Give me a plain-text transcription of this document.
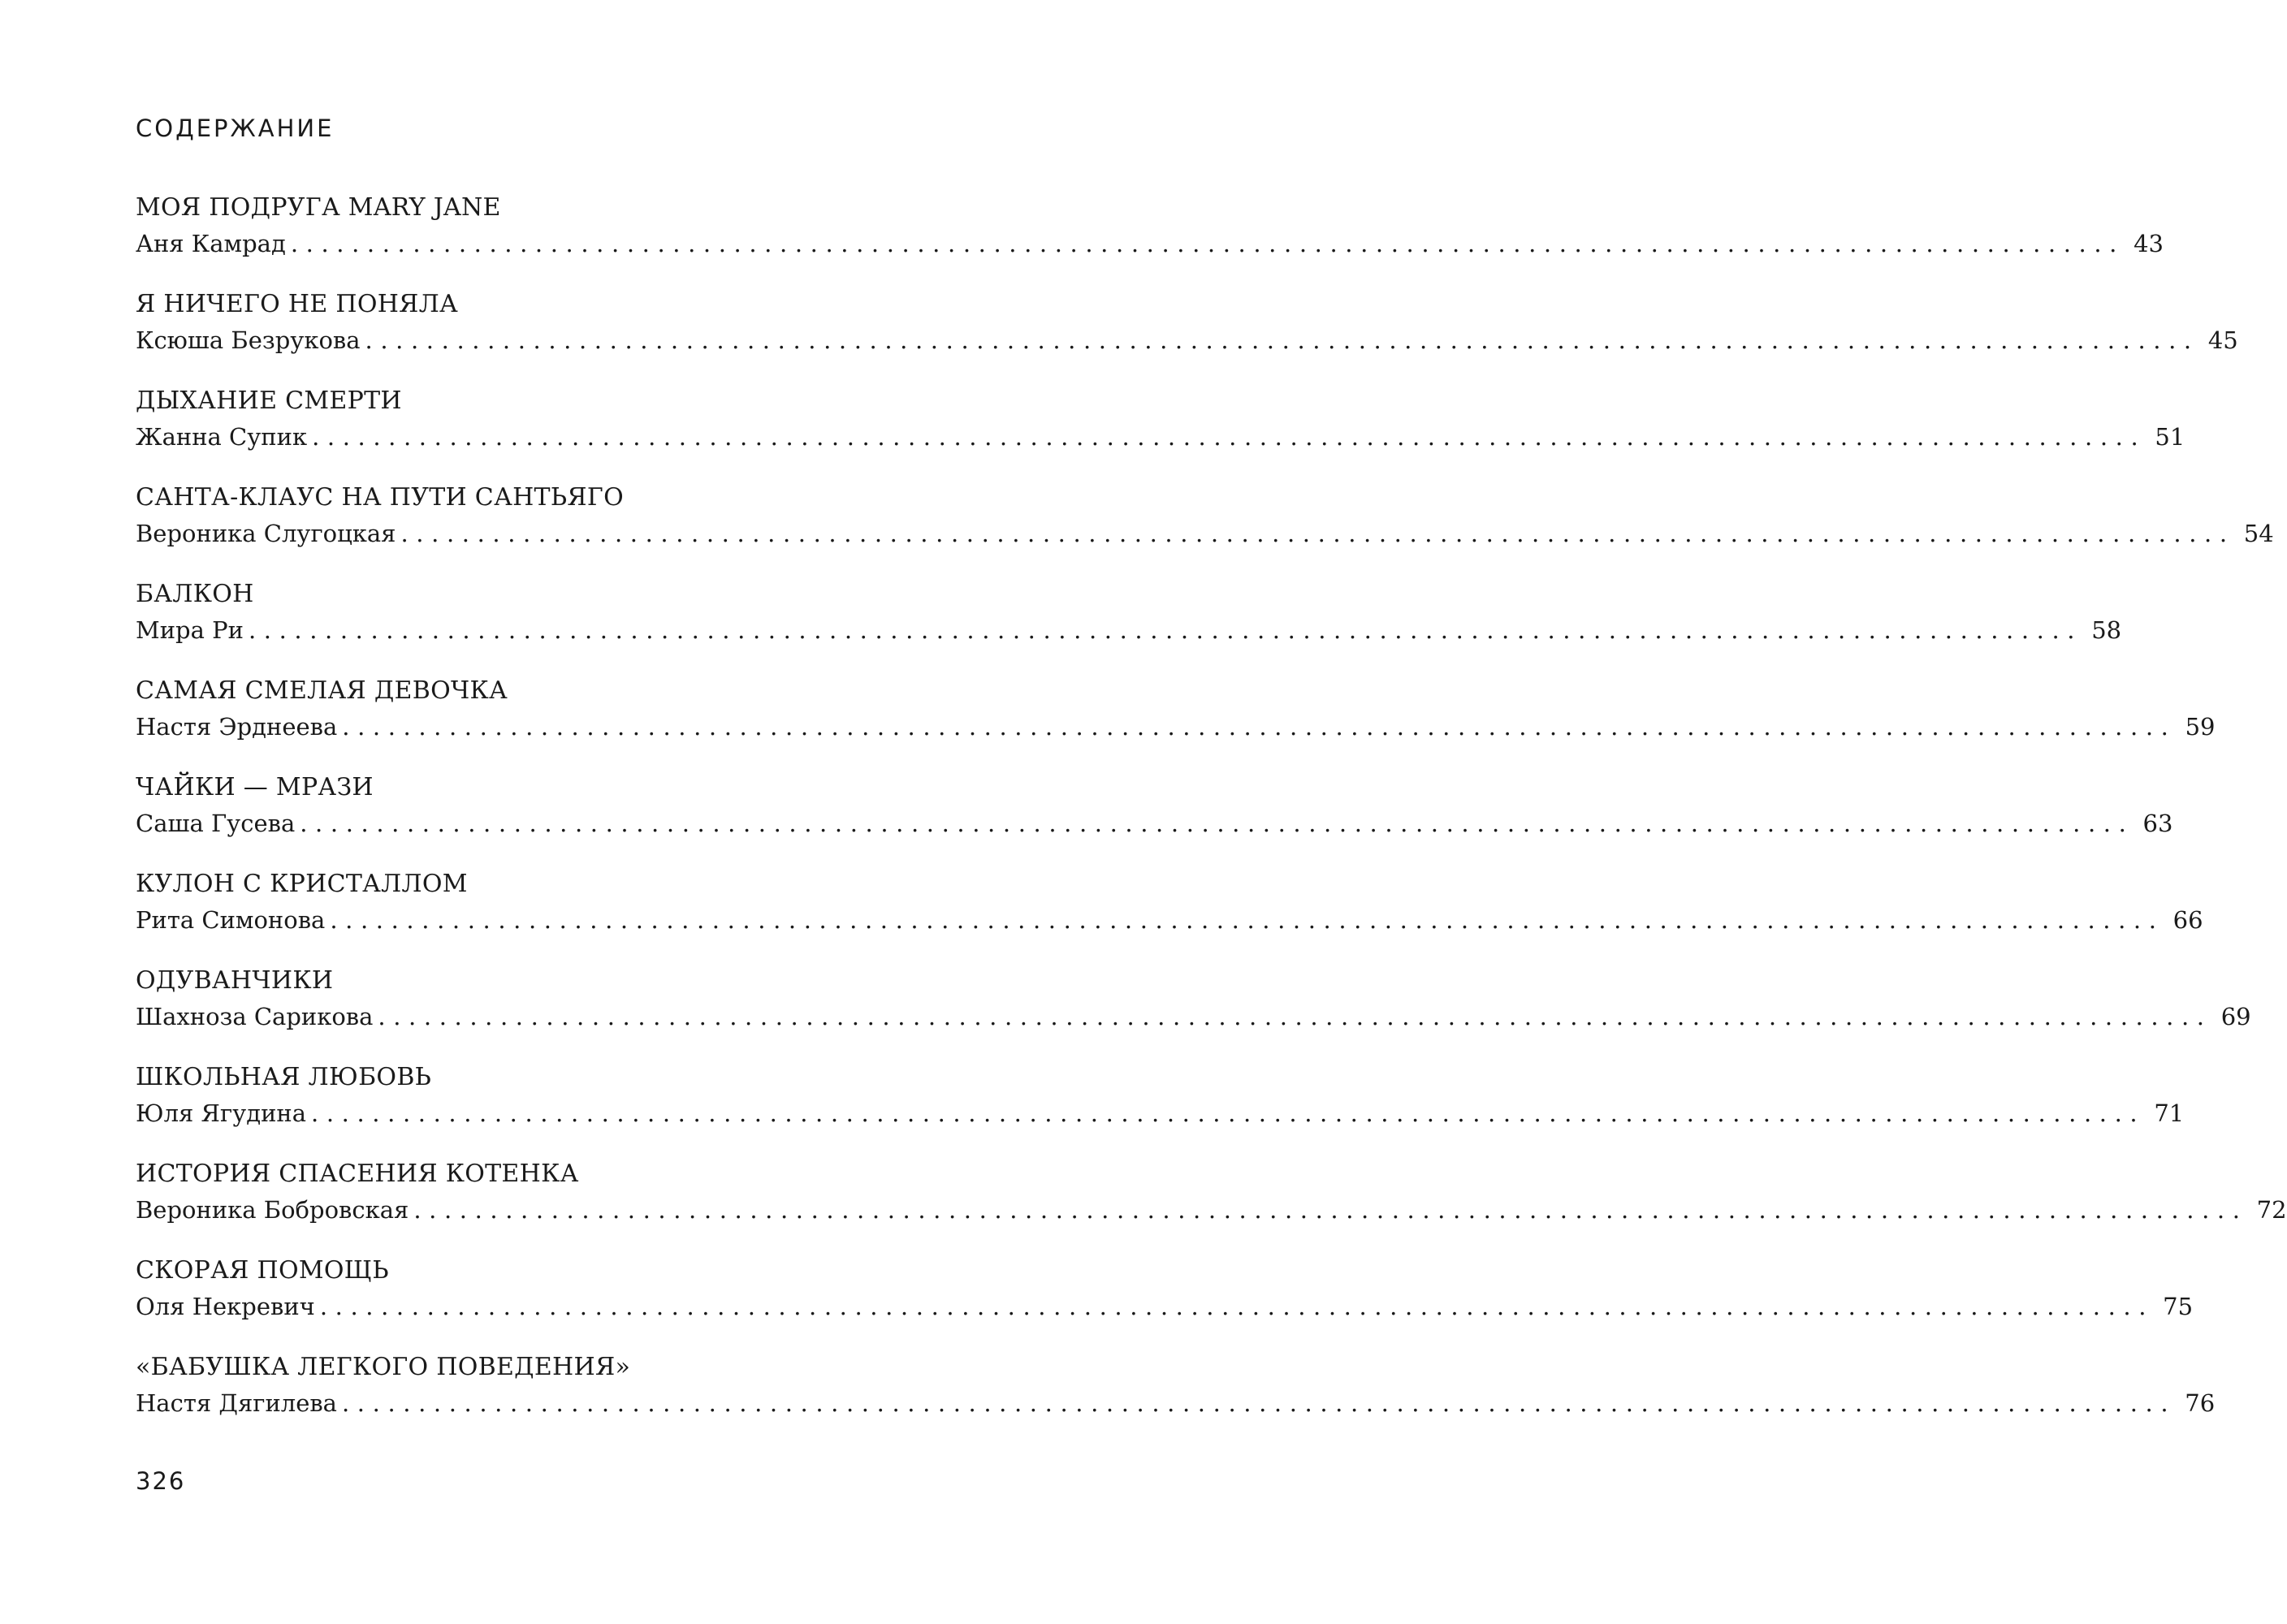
СОДЕРЖАНИЕ
МОЯ ПОДРУГА MARY JANE
Аня Камрад ........................................................................................................................ 43
Я НИЧЕГО НЕ ПОНЯЛА
Ксюша Безрукова ........................................................................................................................ 45
ДЫХАНИЕ СМЕРТИ
Жанна Супик ........................................................................................................................ 51
САНТА-КЛАУС НА ПУТИ САНТЬЯГО
Вероника Слугоцкая ........................................................................................................................ 54
БАЛКОН
Мира Ри ........................................................................................................................ 58
САМАЯ СМЕЛАЯ ДЕВОЧКА
Настя Эрднеева ........................................................................................................................ 59
ЧАЙКИ — МРАЗИ
Саша Гусева ........................................................................................................................ 63
КУЛОН С КРИСТАЛЛОМ
Рита Симонова ........................................................................................................................ 66
ОДУВАНЧИКИ
Шахноза Сарикова ........................................................................................................................ 69
ШКОЛЬНАЯ ЛЮБОВЬ
Юля Ягудина ........................................................................................................................ 71
ИСТОРИЯ СПАСЕНИЯ КОТЕНКА
Вероника Бобровская ........................................................................................................................ 72
СКОРАЯ ПОМОЩЬ
Оля Некревич ........................................................................................................................ 75
«БАБУШКА ЛЕГКОГО ПОВЕДЕНИЯ»
Настя Дягилева ........................................................................................................................ 76
326
